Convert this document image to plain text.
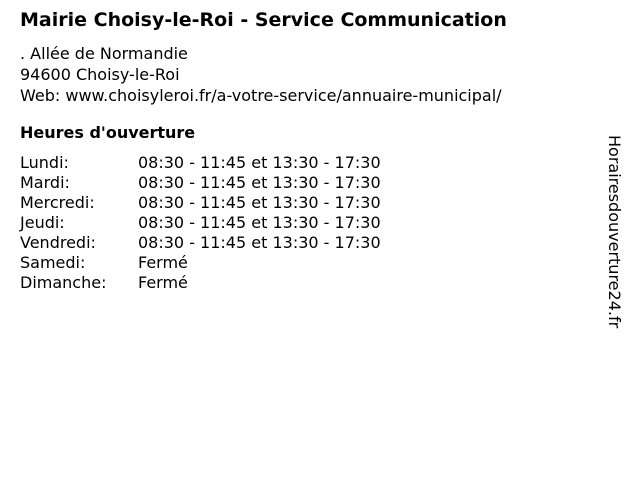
Mairie Choisy-le-Roi - Service Communication
. Allée de Normandie
94600 Choisy-le-Roi
Web: www.choisyleroi.fr/a-votre-service/annuaire-municipal/
Heures d'ouverture
Lundi:	08:30 - 11:45 et 13:30 - 17:30
Mardi:	08:30 - 11:45 et 13:30 - 17:30
Mercredi:	08:30 - 11:45 et 13:30 - 17:30
Jeudi:	08:30 - 11:45 et 13:30 - 17:30
Vendredi:	08:30 - 11:45 et 13:30 - 17:30
Samedi:	Fermé
Dimanche:	Fermé	Horairesdouverture24.fr
